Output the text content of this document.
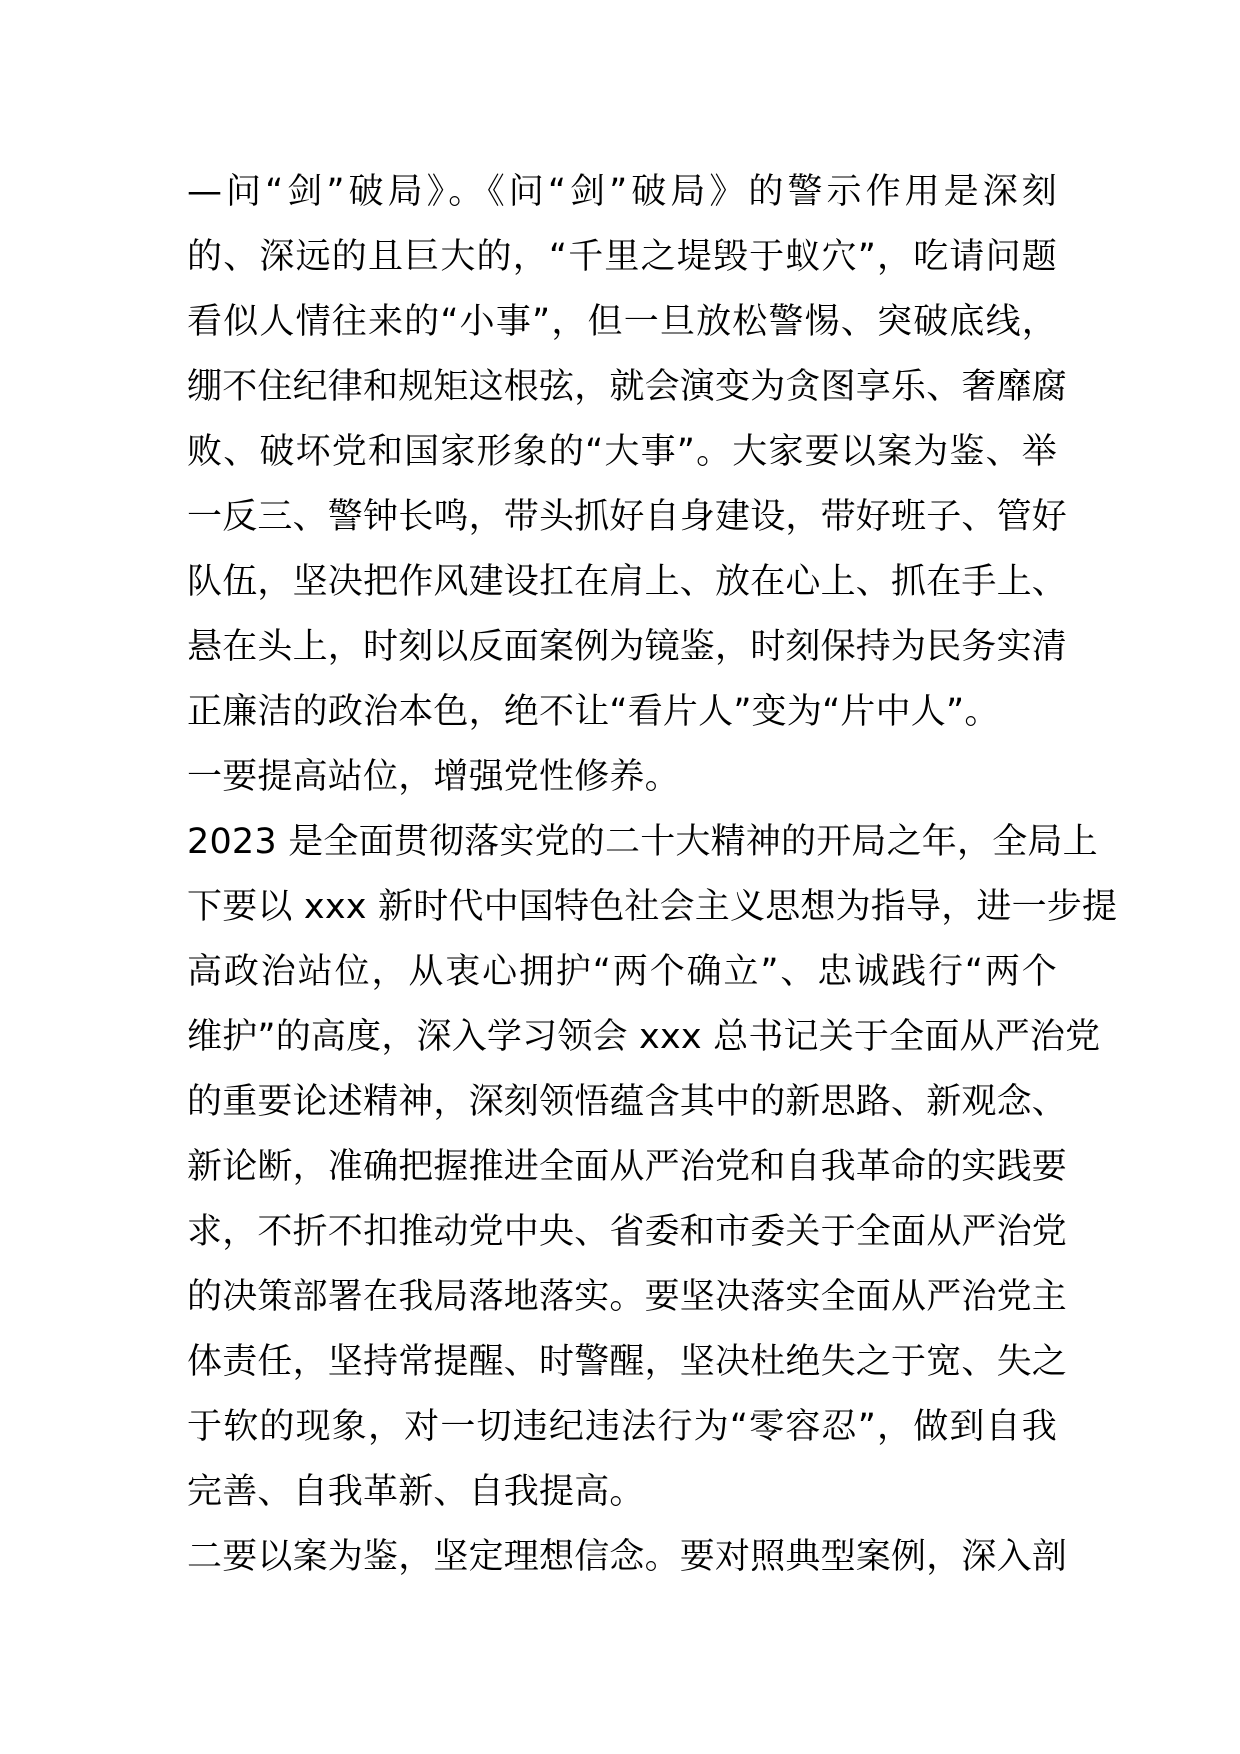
—问“剑”破局》。《问“剑”破局》的警示作用是深刻
的、深远的且巨大的，“千里之堤毁于蚁穴”，吃请问题
看似人情往来的“小事”，但一旦放松警惕、突破底线，
绷不住纪律和规矩这根弦，就会演变为贪图享乐、奢靡腐
败、破坏党和国家形象的“大事”。大家要以案为鉴、举
一反三、警钟长鸣，带头抓好自身建设，带好班子、管好
队伍，坚决把作风建设扛在肩上、放在心上、抓在手上、
悬在头上，时刻以反面案例为镜鉴，时刻保持为民务实清
正廉洁的政治本色，绝不让“看片人”变为“片中人”。
一要提高站位，增强党性修养。
2023 是全面贯彻落实党的二十大精神的开局之年，全局上
下要以 xxx 新时代中国特色社会主义思想为指导，进一步提
高政治站位，从衷心拥护“两个确立”、忠诚践行“两个
维护”的高度，深入学习领会 xxx 总书记关于全面从严治党
的重要论述精神，深刻领悟蕴含其中的新思路、新观念、
新论断，准确把握推进全面从严治党和自我革命的实践要
求，不折不扣推动党中央、省委和市委关于全面从严治党
的决策部署在我局落地落实。要坚决落实全面从严治党主
体责任，坚持常提醒、时警醒，坚决杜绝失之于宽、失之
于软的现象，对一切违纪违法行为“零容忍”，做到自我
完善、自我革新、自我提高。
二要以案为鉴，坚定理想信念。要对照典型案例，深入剖
